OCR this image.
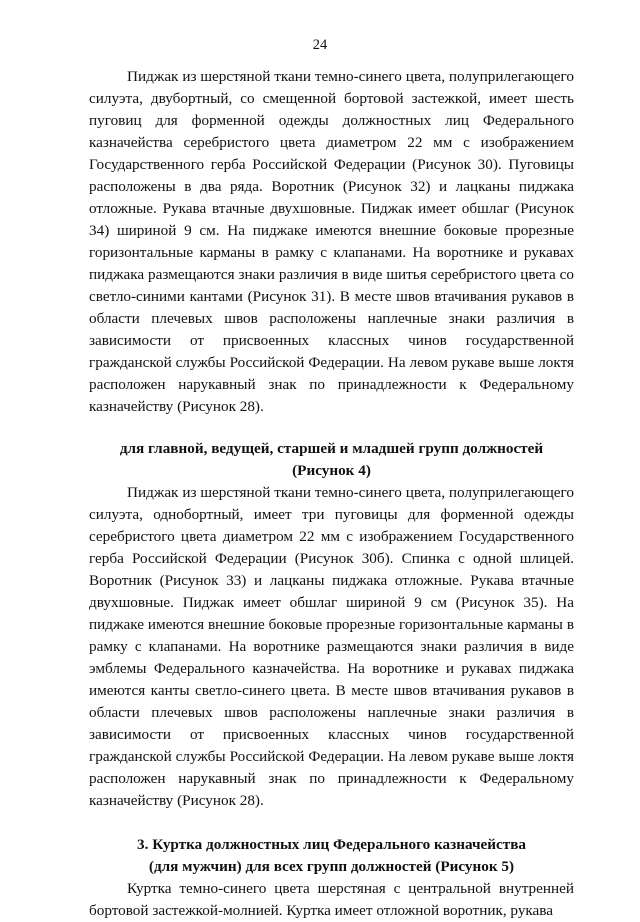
24

Пиджак из шерстяной ткани темно-синего цвета, полуприлегающего силуэта, двубортный, со смещенной бортовой застежкой, имеет шесть пуговиц для форменной одежды должностных лиц Федерального казначейства серебристого цвета диаметром 22 мм с изображением Государственного герба Российской Федерации (Рисунок 30). Пуговицы расположены в два ряда. Воротник (Рисунок 32) и лацканы пиджака отложные. Рукава втачные двухшовные. Пиджак имеет обшлаг (Рисунок 34) шириной 9 см. На пиджаке имеются внешние боковые прорезные горизонтальные карманы в рамку с клапанами. На воротнике и рукавах пиджака размещаются знаки различия в виде шитья серебристого цвета со светло-синими кантами (Рисунок 31). В месте швов втачивания рукавов в области плечевых швов расположены наплечные знаки различия в зависимости от присвоенных классных чинов государственной гражданской службы Российской Федерации. На левом рукаве выше локтя расположен нарукавный знак по принадлежности к Федеральному казначейству (Рисунок 28).

для главной, ведущей, старшей и младшей групп должностей
(Рисунок 4)

Пиджак из шерстяной ткани темно-синего цвета, полуприлегающего силуэта, однобортный, имеет три пуговицы для форменной одежды серебристого цвета диаметром 22 мм с изображением Государственного герба Российской Федерации (Рисунок 30б). Спинка с одной шлицей. Воротник (Рисунок 33) и лацканы пиджака отложные. Рукава втачные двухшовные. Пиджак имеет обшлаг шириной 9 см (Рисунок 35). На пиджаке имеются внешние боковые прорезные горизонтальные карманы в рамку с клапанами. На воротнике размещаются знаки различия в виде эмблемы Федерального казначейства. На воротнике и рукавах пиджака имеются канты светло-синего цвета. В месте швов втачивания рукавов в области плечевых швов расположены наплечные знаки различия в зависимости от присвоенных классных чинов государственной гражданской службы Российской Федерации. На левом рукаве выше локтя расположен нарукавный знак по принадлежности к Федеральному казначейству (Рисунок 28).

3. Куртка должностных лиц Федерального казначейства
(для мужчин) для всех групп должностей (Рисунок 5)

Куртка темно-синего цвета шерстяная с центральной внутренней бортовой застежкой-молнией. Куртка имеет отложной воротник, рукава
